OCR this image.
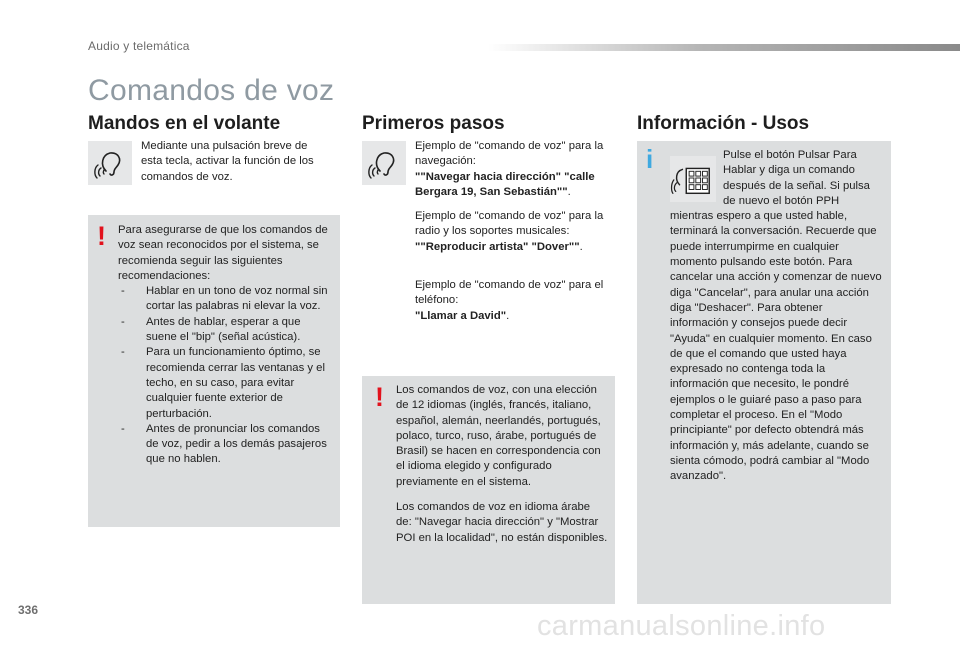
Audio y telemática
Comandos de voz
Mandos en el volante
Mediante una pulsación breve de esta tecla, activar la función de los comandos de voz.
! Para asegurarse de que los comandos de voz sean reconocidos por el sistema, se recomienda seguir las siguientes recomendaciones:

- Hablar en un tono de voz normal sin cortar las palabras ni elevar la voz.
- Antes de hablar, esperar a que suene el "bip" (señal acústica).
- Para un funcionamiento óptimo, se recomienda cerrar las ventanas y el techo, en su caso, para evitar cualquier fuente exterior de perturbación.
- Antes de pronunciar los comandos de voz, pedir a los demás pasajeros que no hablen.
Primeros pasos
Ejemplo de "comando de voz" para la navegación:
""Navegar hacia dirección" "calle Bergara 19, San Sebastián"".
Ejemplo de "comando de voz" para la radio y los soportes musicales:
""Reproducir artista" "Dover"".
Ejemplo de "comando de voz" para el teléfono:
"Llamar a David".
! Los comandos de voz, con una elección de 12 idiomas (inglés, francés, italiano, español, alemán, neerlandés, portugués, polaco, turco, ruso, árabe, portugués de Brasil) se hacen en correspondencia con el idioma elegido y configurado previamente en el sistema.

Los comandos de voz en idioma árabe de: "Navegar hacia dirección" y "Mostrar POI en la localidad", no están disponibles.

Información - Usos
i	Pulse el botón Pulsar Para Hablar y diga un comando después de la señal. Si pulsa de nuevo el botón PPH mientras espero a que usted hable, terminará la conversación. Recuerde que puede interrumpirme en cualquier momento pulsando este botón. Para cancelar una acción y comenzar de nuevo diga "Cancelar", para anular una acción diga "Deshacer". Para obtener información y consejos puede decir "Ayuda" en cualquier momento. En caso de que el comando que usted haya expresado no contenga toda la información que necesito, le pondré ejemplos o le guiaré paso a paso para completar el proceso. En el "Modo principiante" por defecto obtendrá más información y, más adelante, cuando se sienta cómodo, podrá cambiar al "Modo avanzado".
336	carmanualsonline.info
